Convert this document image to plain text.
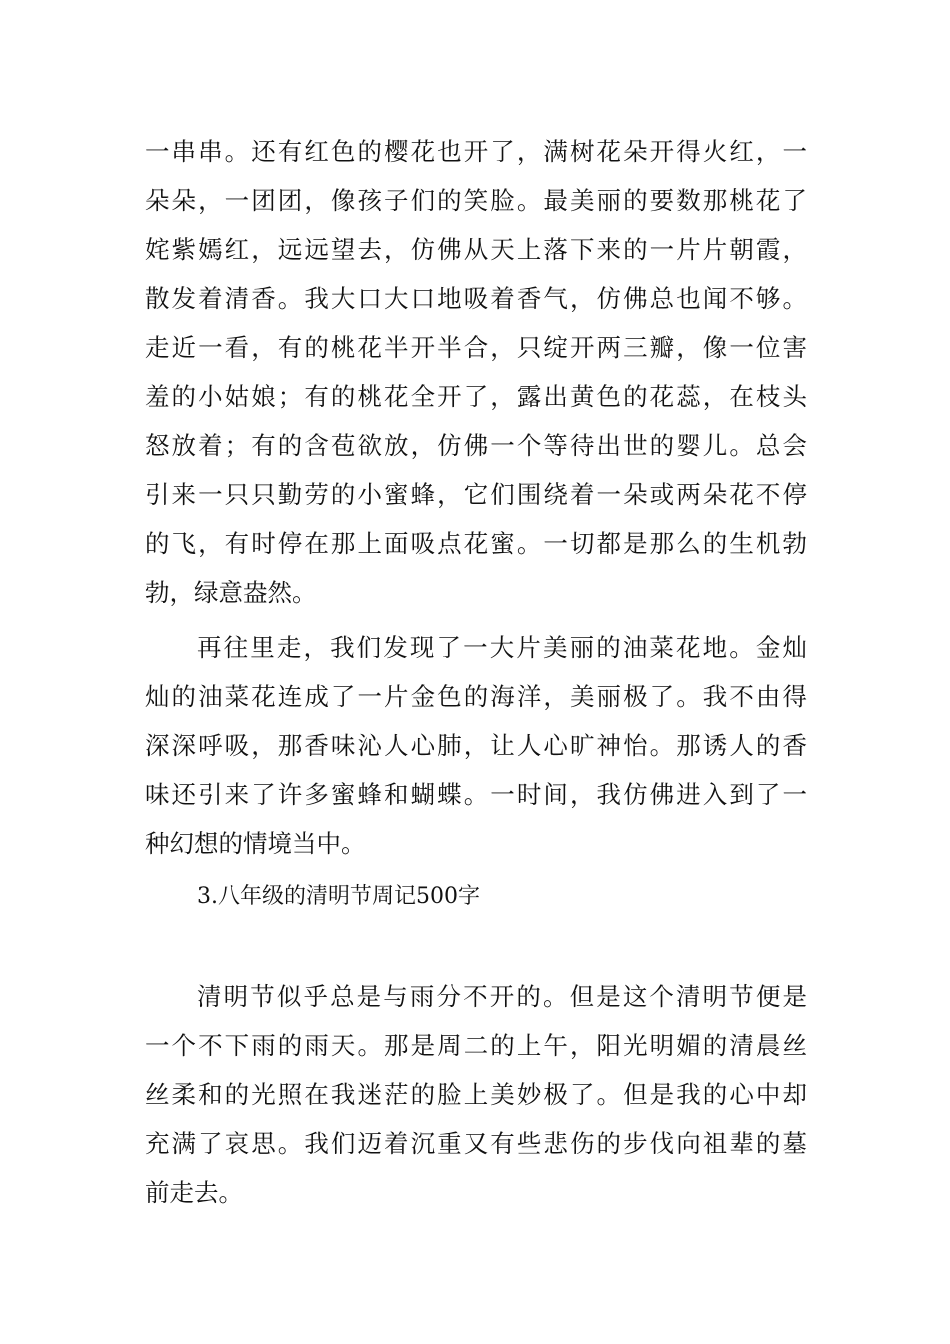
一串串。还有红色的樱花也开了，满树花朵开得火红，一
朵朵，一团团，像孩子们的笑脸。最美丽的要数那桃花了
姹紫嫣红，远远望去，仿佛从天上落下来的一片片朝霞，
散发着清香。我大口大口地吸着香气，仿佛总也闻不够。
走近一看，有的桃花半开半合，只绽开两三瓣，像一位害
羞的小姑娘；有的桃花全开了，露出黄色的花蕊，在枝头
怒放着；有的含苞欲放，仿佛一个等待出世的婴儿。总会
引来一只只勤劳的小蜜蜂，它们围绕着一朵或两朵花不停
的飞，有时停在那上面吸点花蜜。一切都是那么的生机勃
勃，绿意盎然。
再往里走，我们发现了一大片美丽的油菜花地。金灿
灿的油菜花连成了一片金色的海洋，美丽极了。我不由得
深深呼吸，那香味沁人心肺，让人心旷神怡。那诱人的香
味还引来了许多蜜蜂和蝴蝶。一时间，我仿佛进入到了一
种幻想的情境当中。
3.八年级的清明节周记500字
清明节似乎总是与雨分不开的。但是这个清明节便是
一个不下雨的雨天。那是周二的上午，阳光明媚的清晨丝
丝柔和的光照在我迷茫的脸上美妙极了。但是我的心中却
充满了哀思。我们迈着沉重又有些悲伤的步伐向祖辈的墓
前走去。
